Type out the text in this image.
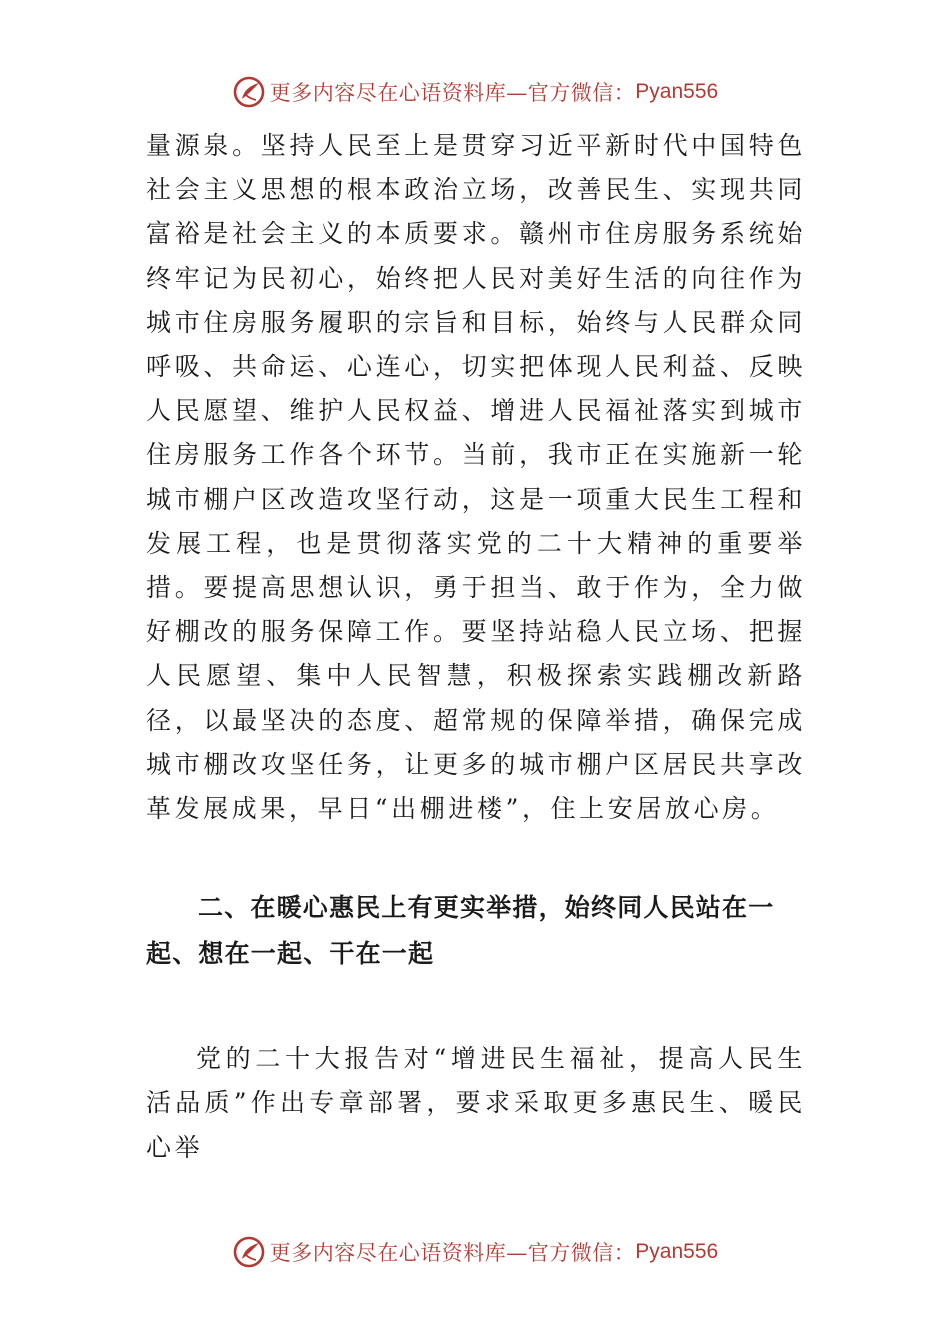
更多内容尽在心语资料库—官方微信： Pyan556

量源泉。坚持人民至上是贯穿习近平新时代中国特色社会主义思想的根本政治立场，改善民生、实现共同富裕是社会主义的本质要求。赣州市住房服务系统始终牢记为民初心，始终把人民对美好生活的向往作为城市住房服务履职的宗旨和目标，始终与人民群众同呼吸、共命运、心连心，切实把体现人民利益、反映人民愿望、维护人民权益、增进人民福祉落实到城市住房服务工作各个环节。当前，我市正在实施新一轮城市棚户区改造攻坚行动，这是一项重大民生工程和发展工程，也是贯彻落实党的二十大精神的重要举措。要提高思想认识，勇于担当、敢于作为，全力做好棚改的服务保障工作。要坚持站稳人民立场、把握人民愿望、集中人民智慧，积极探索实践棚改新路径，以最坚决的态度、超常规的保障举措，确保完成城市棚改攻坚任务，让更多的城市棚户区居民共享改革发展成果，早日“出棚进楼”，住上安居放心房。

二、在暖心惠民上有更实举措，始终同人民站在一起、想在一起、干在一起

党的二十大报告对“增进民生福祉，提高人民生活品质”作出专章部署，要求采取更多惠民生、暖民心举

更多内容尽在心语资料库—官方微信： Pyan556
